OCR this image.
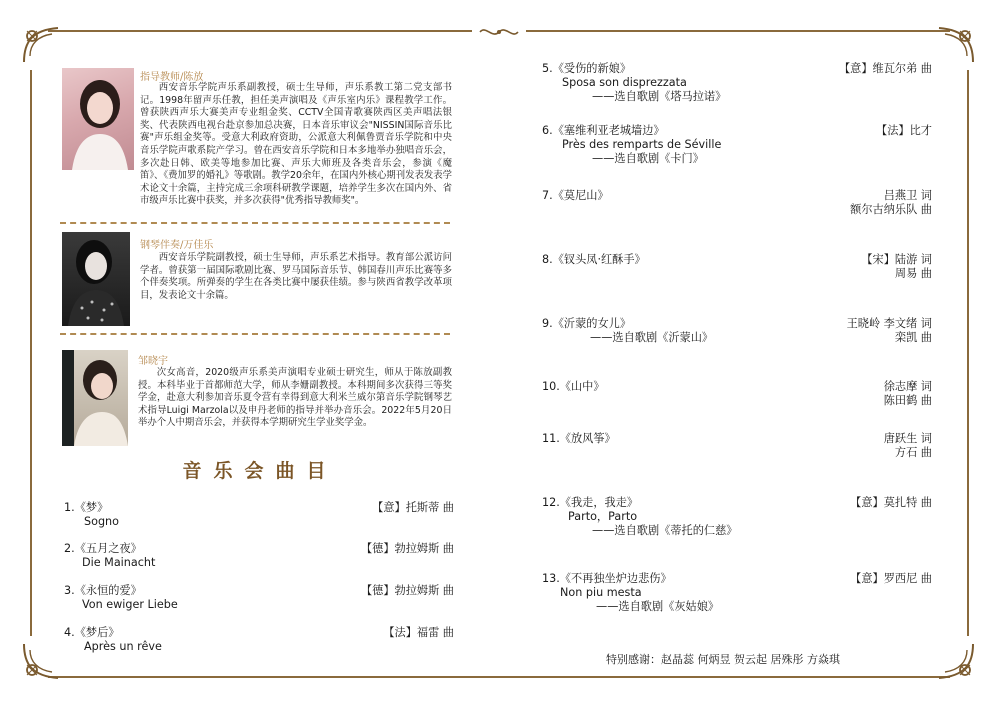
指导教师/陈放
西安音乐学院声乐系副教授，硕士生导师，声乐系教工第二党支部书记。1998年留声乐任教，担任美声演唱及《声乐室内乐》课程教学工作。曾获陕西声乐大赛美声专业组金奖、CCTV全国青歌赛陕西区美声唱法银奖、代表陕西电视台赴京参加总决赛，日本音乐审议会"NISSIN国际音乐比赛"声乐组金奖等。受意大利政府资助，公派意大利佩鲁贾音乐学院和中央音乐学院声歌系院产学习。曾在西安音乐学院和日本多地举办独唱音乐会，多次赴日韩、欧美等地参加比赛、声乐大师班及各类音乐会，参演《魔笛》、《费加罗的婚礼》等歌剧。教学20余年，在国内外核心期刊发表发表学术论文十余篇，主持完成三余项科研教学课题，培养学生多次在国内外、省市级声乐比赛中获奖，并多次获得"优秀指导教师奖"。
钢琴伴奏/万佳乐
西安音乐学院副教授，硕士生导师，声乐系艺术指导。教育部公派访问学者。曾获第一届国际歌剧比赛、罗马国际音乐节、韩国春川声乐比赛等多个伴奏奖项。所弹奏的学生在各类比赛中屡获佳绩。参与陕西省教学改革项目，发表论文十余篇。
邹晓宇
次女高音，2020级声乐系美声演唱专业硕士研究生，师从于陈放副教授。本科毕业于首都师范大学，师从李姗副教授。本科期间多次获得三等奖学金，赴意大利参加音乐夏令营有幸得到意大利米兰威尔第音乐学院钢琴艺术指导Luigi Marzola以及申丹老师的指导并举办音乐会。2022年5月20日举办个人中期音乐会，并获得本学期研究生学业奖学金。
音乐会曲目
1.《梦》	【意】托斯蒂 曲
Sogno
2.《五月之夜》	【德】勃拉姆斯 曲
Die Mainacht
3.《永恒的爱》	【德】勃拉姆斯 曲
Von ewiger Liebe
4.《梦后》	【法】福雷 曲
Après un rêve
5.《受伤的新娘》	【意】维瓦尔弟 曲
Sposa son disprezzata
——选自歌剧《塔马拉诺》
6.《塞维利亚老城墙边》	【法】比才
Près des remparts de Séville
——选自歌剧《卡门》
7.《莫尼山》	吕燕卫 词
额尔古纳乐队 曲
8.《钗头凤·红酥手》	【宋】陆游 词
周易 曲
9.《沂蒙的女儿》	王晓岭 李文绪 词
栾凯 曲
——选自歌剧《沂蒙山》
10.《山中》	徐志摩 词
陈田鹤 曲
11.《放风筝》	唐跃生 词
方石 曲
12.《我走，我走》	【意】莫扎特 曲
Parto，Parto
——选自歌剧《蒂托的仁慈》
13.《不再独坐炉边悲伤》	【意】罗西尼 曲
Non piu mesta
——选自歌剧《灰姑娘》
特别感谢：赵晶蕊 何炳昱 贺云起 居殊彤 方焱琪
